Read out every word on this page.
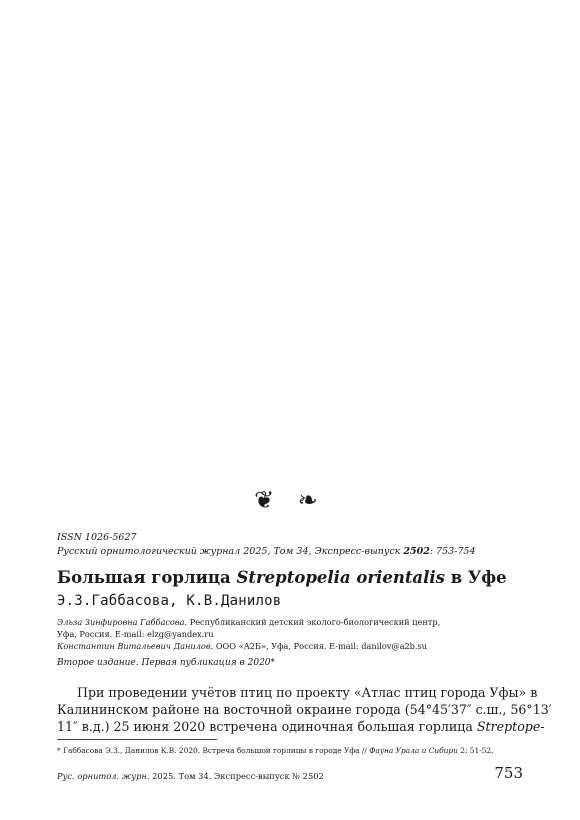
❦ ❧
ISSN 1026-5627
Русский орнитологический журнал 2025, Том 34, Экспресс-выпуск 2502: 753-754
Большая горлица Streptopelia orientalis в Уфе
Э.З.Габбасова, К.В.Данилов
Эльза Зинфировна Габбасова. Республиканский детский эколого-биологический центр,
Уфа, Россия. E-mail: elzg@yandex.ru
Константин Витальевич Данилов. ООО «А2Б», Уфа, Россия. E-mail: danilov@a2b.su
Второе издание. Первая публикация в 2020*
При проведении учётов птиц по проекту «Атлас птиц города Уфы» в
Калининском районе на восточной окраине города (54°45′37″ с.ш., 56°13′
11″ в.д.) 25 июня 2020 встречена одиночная большая горлица Streptope-
* Габбасова Э.З., Данилов К.В. 2020. Встреча большой горлицы в городе Уфа // Фауна Урала и Сибири 2: 51-52.
Рус. орнитол. журн. 2025. Том 34. Экспресс-выпуск № 2502	753
